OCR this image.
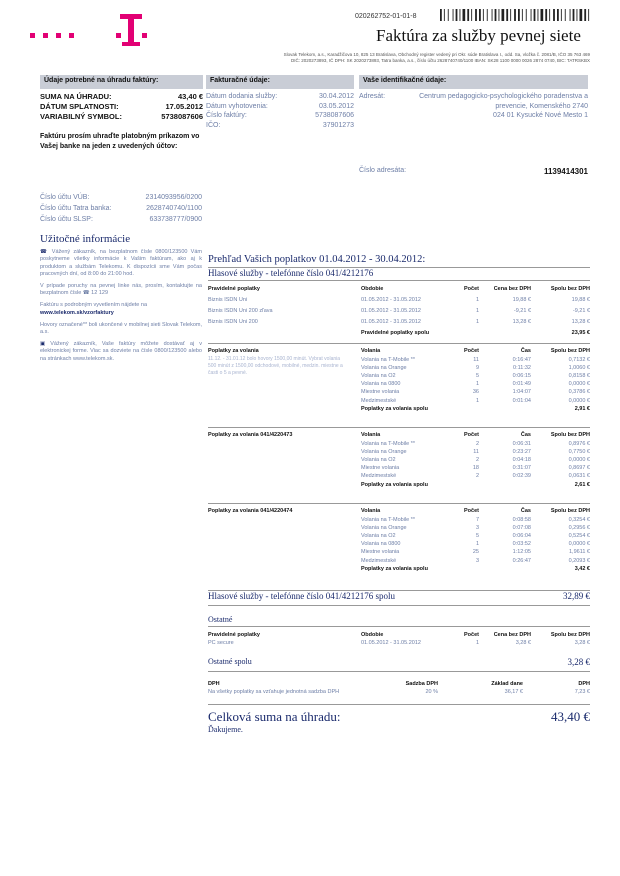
020262752-01-01-8
Faktúra za služby pevnej siete
Slovak Telekom, a.s., Karadžičova 10, 825 13 Bratislava, Obchodný register vedený pri Okr. súde Bratislava I., odd. Sa, vložka č. 2081/B, IČO 35 763 469
DIČ: 2020273893, IČ DPH: SK 2020273893, Tatra banka, a.s., číslo účtu 2628740740/1100 IBAN: SK28 1100 0000 0026 2874 0740, BIC: TATRSKBX
Údaje potrebné na úhradu faktúry:
SUMA NA ÚHRADU:	43,40 €
DÁTUM SPLATNOSTI:	17.05.2012
VARIABILNÝ SYMBOL:	5738087606
Faktúru prosím uhraďte platobným príkazom vo Vašej banke na jeden z uvedených účtov:
Číslo účtu VÚB:	2314093956/0200
Číslo účtu Tatra banka:	2628740740/1100
Číslo účtu SLSP:	633738777/0900
Fakturačné údaje:
Dátum dodania služby:	30.04.2012
Dátum vyhotovenia:	03.05.2012
Číslo faktúry:	5738087606
IČO:	37901273
Vaše identifikačné údaje:
Adresát:	Centrum pedagogicko-psychologického poradenstva a
prevencie, Komenského 2740
024 01 Kysucké Nové Mesto 1
Číslo adresáta:	1139414301
Užitočné informácie
☎ Vážený zákazník, na bezplatnom čísle 0800/123500 Vám poskytneme všetky informácie k Vašim faktúram, ako aj k produktom a službám Telekomu. K dispozícii sme Vám počas pracovných dní, od 8:00 do 21:00 hod.
V prípade poruchy na pevnej linke nás, prosím, kontaktujte na bezplatnom čísle ☎ 12 129
Faktúru s podrobným vyvetlením nájdete na
www.telekom.sk/vzorfaktury
Hovory označené** boli ukončené v mobilnej sieti Slovak Telekom, a.s.
▣ Vážený zákazník, Vaše faktúry môžete dostávať aj v elektronickej forme. Viac sa dozviete na čísle 0800/123500 alebo na stránkach www.telekom.sk.
Prehľad Vašich poplatkov 01.04.2012 - 30.04.2012:
Hlasové služby - telefónne číslo 041/4212176
Pravidelné poplatky	Obdobie	Počet	Cena bez DPH	Spolu bez DPH
Biznis ISDN Uni	01.05.2012 - 31.05.2012	1	19,88 €	19,88 €
Biznis ISDN Uni 200 zľava	01.05.2012 - 31.05.2012	1	-9,21 €	-9,21 €
Biznis ISDN Uni 200	01.05.2012 - 31.05.2012	1	13,28 €	13,28 €
Pravidelné poplatky spolu	23,95 €
Poplatky za volania
11.12. - 31.01.12 bolo hovory 1500,00 minút. Vybrat volania 500 minút z 1500,00 odchodové, mobilné, medzin. miestne a časti o 5 a pevné.
Volania	Počet	Čas	Spolu bez DPH
Volania na T-Mobile **	11	0:16:47	0,7132 €
Volania na Orange	9	0:11:32	1,0060 €
Volania na O2	5	0:06:15	0,8158 €
Volania na 0800	1	0:01:49	0,0000 €
Miestne volania	36	1:04:07	0,3786 €
Medzimestské	1	0:01:04	0,0000 €
Poplatky za volania spolu	2,91 €
Poplatky za volania 041/4220473	Volania	Počet	Čas	Spolu bez DPH
Volania na T-Mobile **	2	0:06:31	0,8976 €
Volania na Orange	11	0:23:27	0,7750 €
Volania na O2	2	0:04:18	0,0000 €
Miestne volania	18	0:31:07	0,8697 €
Medzimestské	2	0:02:39	0,0631 €
Poplatky za volania spolu	2,61 €
Poplatky za volania 041/4220474	Volania	Počet	Čas	Spolu bez DPH
Volania na T-Mobile **	7	0:08:58	0,3254 €
Volania na Orange	3	0:07:08	0,2956 €
Volania na O2	5	0:06:04	0,5254 €
Volania na 0800	1	0:03:52	0,0000 €
Miestne volania	25	1:12:05	1,9611 €
Medzimestské	3	0:26:47	0,2093 €
Poplatky za volania spolu	3,42 €
Hlasové služby - telefónne číslo 041/4212176 spolu	32,89 €
Ostatné
Pravidelné poplatky	Obdobie	Počet	Cena bez DPH	Spolu bez DPH
PC secure	01.05.2012 - 31.05.2012	1	3,28 €	3,28 €
Ostatné spolu	3,28 €
DPH	Sadzba DPH	Základ dane	DPH
Na všetky poplatky sa vzťahuje jednotná sadzba DPH	20 %	36,17 €	7,23 €
Celková suma na úhradu:	43,40 €
Ďakujeme.
